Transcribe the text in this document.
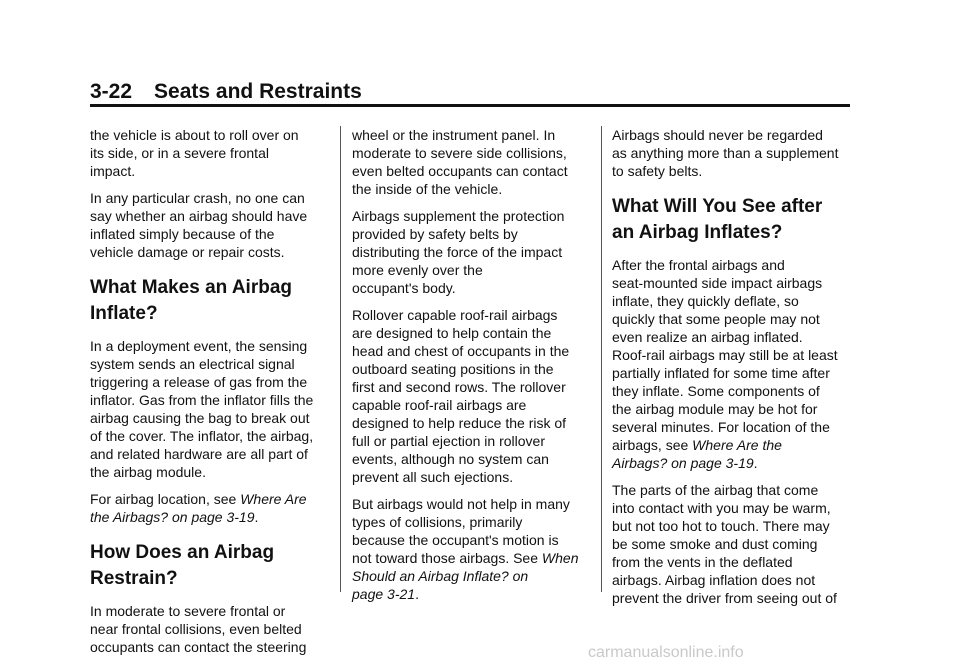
3-22 Seats and Restraints

the vehicle is about to roll over on
its side, or in a severe frontal
impact.

In any particular crash, no one can
say whether an airbag should have
inflated simply because of the
vehicle damage or repair costs.

What Makes an Airbag
Inflate?

In a deployment event, the sensing
system sends an electrical signal
triggering a release of gas from the
inflator. Gas from the inflator fills the
airbag causing the bag to break out
of the cover. The inflator, the airbag,
and related hardware are all part of
the airbag module.

For airbag location, see Where Are
the Airbags? on page 3-19.

How Does an Airbag
Restrain?

In moderate to severe frontal or
near frontal collisions, even belted
occupants can contact the steering

wheel or the instrument panel. In
moderate to severe side collisions,
even belted occupants can contact
the inside of the vehicle.

Airbags supplement the protection
provided by safety belts by
distributing the force of the impact
more evenly over the
occupant's body.

Rollover capable roof-rail airbags
are designed to help contain the
head and chest of occupants in the
outboard seating positions in the
first and second rows. The rollover
capable roof-rail airbags are
designed to help reduce the risk of
full or partial ejection in rollover
events, although no system can
prevent all such ejections.

But airbags would not help in many
types of collisions, primarily
because the occupant's motion is
not toward those airbags. See When
Should an Airbag Inflate? on
page 3-21.

Airbags should never be regarded
as anything more than a supplement
to safety belts.

What Will You See after
an Airbag Inflates?

After the frontal airbags and
seat-mounted side impact airbags
inflate, they quickly deflate, so
quickly that some people may not
even realize an airbag inflated.
Roof-rail airbags may still be at least
partially inflated for some time after
they inflate. Some components of
the airbag module may be hot for
several minutes. For location of the
airbags, see Where Are the
Airbags? on page 3-19.

The parts of the airbag that come
into contact with you may be warm,
but not too hot to touch. There may
be some smoke and dust coming
from the vents in the deflated
airbags. Airbag inflation does not
prevent the driver from seeing out of

carmanualsonline.info
